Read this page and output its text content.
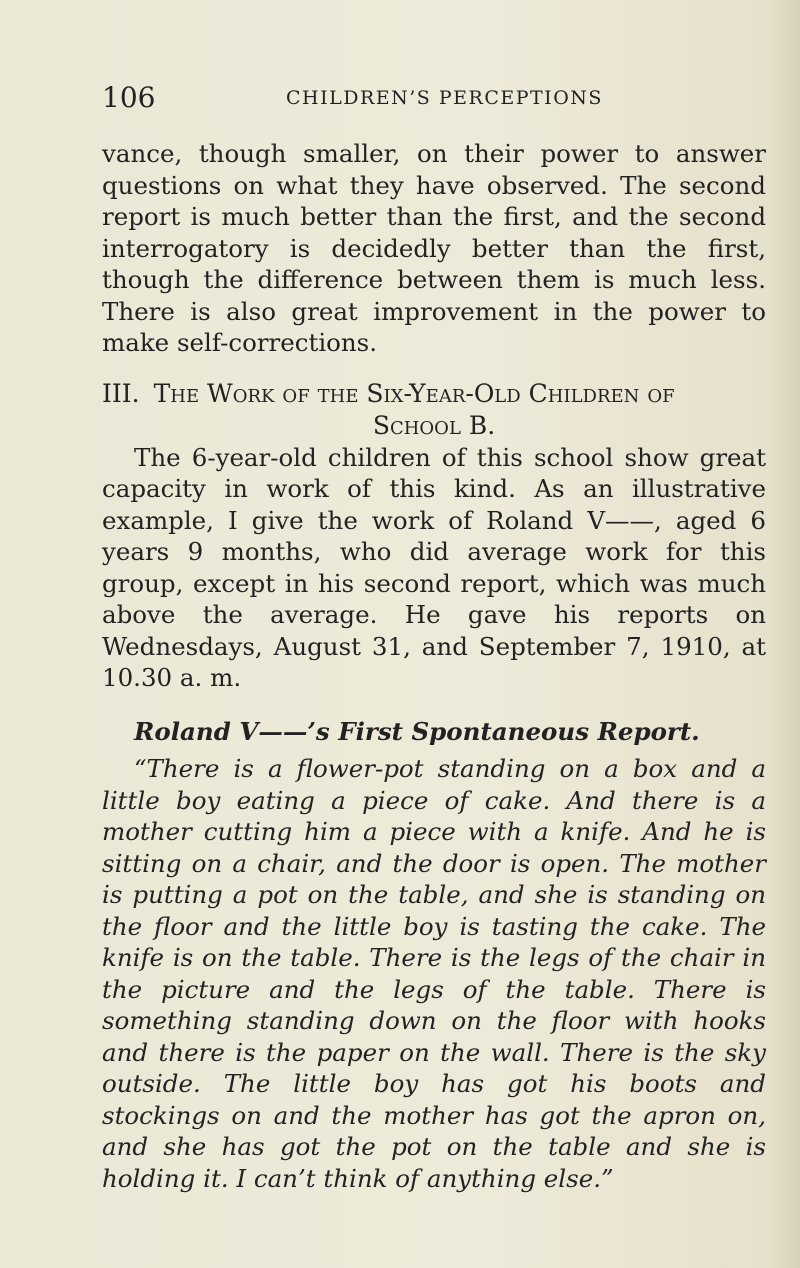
106	CHILDREN’S PERCEPTIONS

vance, though smaller, on their power to answer questions on what they have observed. The second report is much better than the first, and the second interrogatory is decidedly better than the first, though the difference between them is much less. There is also great improvement in the power to make self-corrections.

III. The Work of the Six-Year-Old Children of
School B.

The 6-year-old children of this school show great capacity in work of this kind. As an illustrative example, I give the work of Roland V——, aged 6 years 9 months, who did average work for this group, except in his second report, which was much above the average. He gave his reports on Wednesdays, August 31, and September 7, 1910, at 10.30 a. m.

Roland V——’s First Spontaneous Report.

“There is a flower-pot standing on a box and a little boy eating a piece of cake. And there is a mother cutting him a piece with a knife. And he is sitting on a chair, and the door is open. The mother is putting a pot on the table, and she is standing on the floor and the little boy is tasting the cake. The knife is on the table. There is the legs of the chair in the picture and the legs of the table. There is something standing down on the floor with hooks and there is the paper on the wall. There is the sky outside. The little boy has got his boots and stockings on and the mother has got the apron on, and she has got the pot on the table and she is holding it. I can’t think of anything else.”
